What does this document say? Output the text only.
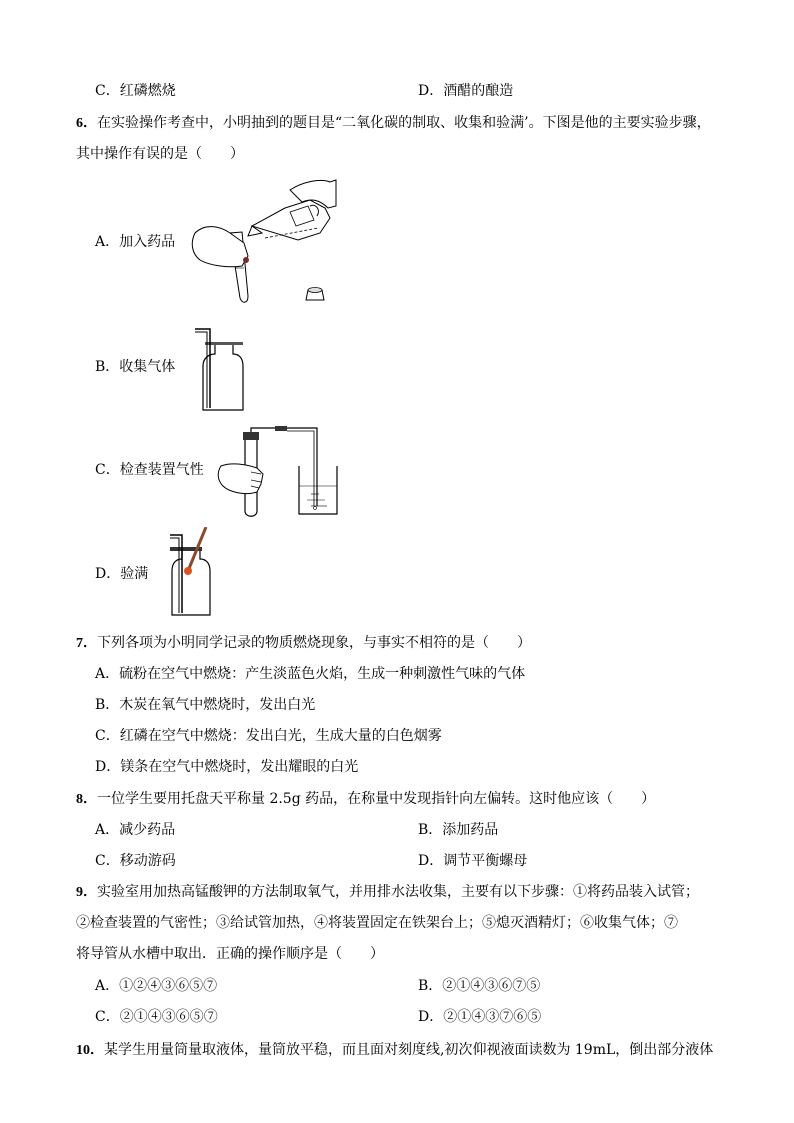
C．红磷燃烧	D．酒醋的酿造
6．在实验操作考查中，小明抽到的题目是“二氧化碳的制取、收集和验满’。下图是他的主要实验步骤，
其中操作有误的是（　　）
A．加入药品
B．收集气体
C．检查装置气性
D．验满
7．下列各项为小明同学记录的物质燃烧现象，与事实不相符的是（　　）
A．硫粉在空气中燃烧：产生淡蓝色火焰，生成一种刺激性气味的气体
B．木炭在氧气中燃烧时，发出白光
C．红磷在空气中燃烧：发出白光，生成大量的白色烟雾
D．镁条在空气中燃烧时，发出耀眼的白光
8．一位学生要用托盘天平称量 2.5g 药品，在称量中发现指针向左偏转。这时他应该（　　）
A．减少药品	B．添加药品
C．移动游码	D．调节平衡螺母
9．实验室用加热高锰酸钾的方法制取氧气，并用排水法收集，主要有以下步骤：①将药品装入试管；
②检查装置的气密性；③给试管加热，④将装置固定在铁架台上；⑤熄灭酒精灯；⑥收集气体；⑦
将导管从水槽中取出．正确的操作顺序是（　　）
A．①②④③⑥⑤⑦	B．②①④③⑥⑦⑤
C．②①④③⑥⑤⑦	D．②①④③⑦⑥⑤
10．某学生用量筒量取液体，量筒放平稳，而且面对刻度线,初次仰视液面读数为 19mL，倒出部分液体
